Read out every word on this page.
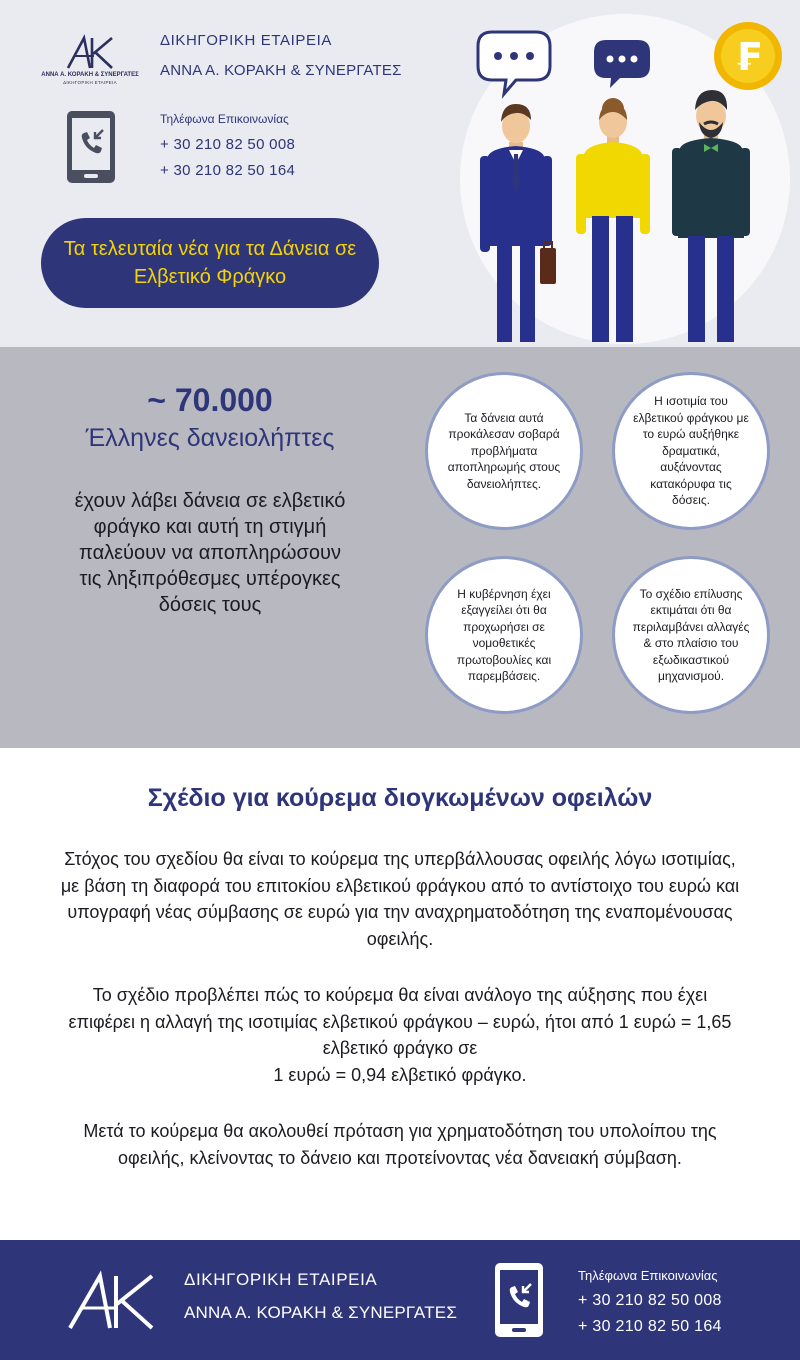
ΑΝΝΑ Α. ΚΟΡΑΚΗ & ΣΥΝΕΡΓΑΤΕΣ
ΔΙΚΗΓΟΡΙΚΗ ΕΤΑΙΡΕΙΑ
ΔΙΚΗΓΟΡΙΚΗ ΕΤΑΙΡΕΙΑ
ΑΝΝΑ Α. ΚΟΡΑΚΗ & ΣΥΝΕΡΓΑΤΕΣ
Τηλέφωνα Επικοινωνίας
+ 30 210 82 50 008
+ 30 210 82 50 164
Τα τελευταία νέα για τα Δάνεια σε Ελβετικό Φράγκο
₣
~ 70.000
Έλληνες δανειολήπτες
έχουν λάβει δάνεια σε ελβετικό φράγκο και αυτή τη στιγμή παλεύουν να αποπληρώσουν τις ληξιπρόθεσμες υπέρογκες δόσεις τους
Τα δάνεια αυτά προκάλεσαν σοβαρά προβλήματα αποπληρωμής στους δανειολήπτες.
Η ισοτιμία του ελβετικού φράγκου με το ευρώ αυξήθηκε δραματικά, αυξάνοντας κατακόρυφα τις δόσεις.
Η κυβέρνηση έχει εξαγγείλει ότι θα προχωρήσει σε νομοθετικές πρωτοβουλίες και παρεμβάσεις.
Το σχέδιο επίλυσης εκτιμάται ότι θα περιλαμβάνει αλλαγές & στο πλαίσιο του εξωδικαστικού μηχανισμού.
Σχέδιο για κούρεμα διογκωμένων οφειλών

Στόχος του σχεδίου θα είναι το κούρεμα της υπερβάλλουσας οφειλής λόγω ισοτιμίας, με βάση τη διαφορά του επιτοκίου ελβετικού φράγκου από το αντίστοιχο του ευρώ και υπογραφή νέας σύμβασης σε ευρώ για την αναχρηματοδότηση της εναπομένουσας οφειλής.

Το σχέδιο προβλέπει πώς το κούρεμα θα είναι ανάλογο της αύξησης που έχει επιφέρει η αλλαγή της ισοτιμίας ελβετικού φράγκου – ευρώ, ήτοι από 1 ευρώ = 1,65 ελβετικό φράγκο σε
1 ευρώ = 0,94 ελβετικό φράγκο.

Μετά το κούρεμα θα ακολουθεί πρόταση για χρηματοδότηση του υπολοίπου της οφειλής, κλείνοντας το δάνειο και προτείνοντας νέα δανειακή σύμβαση.

ΔΙΚΗΓΟΡΙΚΗ ΕΤΑΙΡΕΙΑ
ΑΝΝΑ Α. ΚΟΡΑΚΗ & ΣΥΝΕΡΓΑΤΕΣ
Τηλέφωνα Επικοινωνίας
+ 30 210 82 50 008
+ 30 210 82 50 164
